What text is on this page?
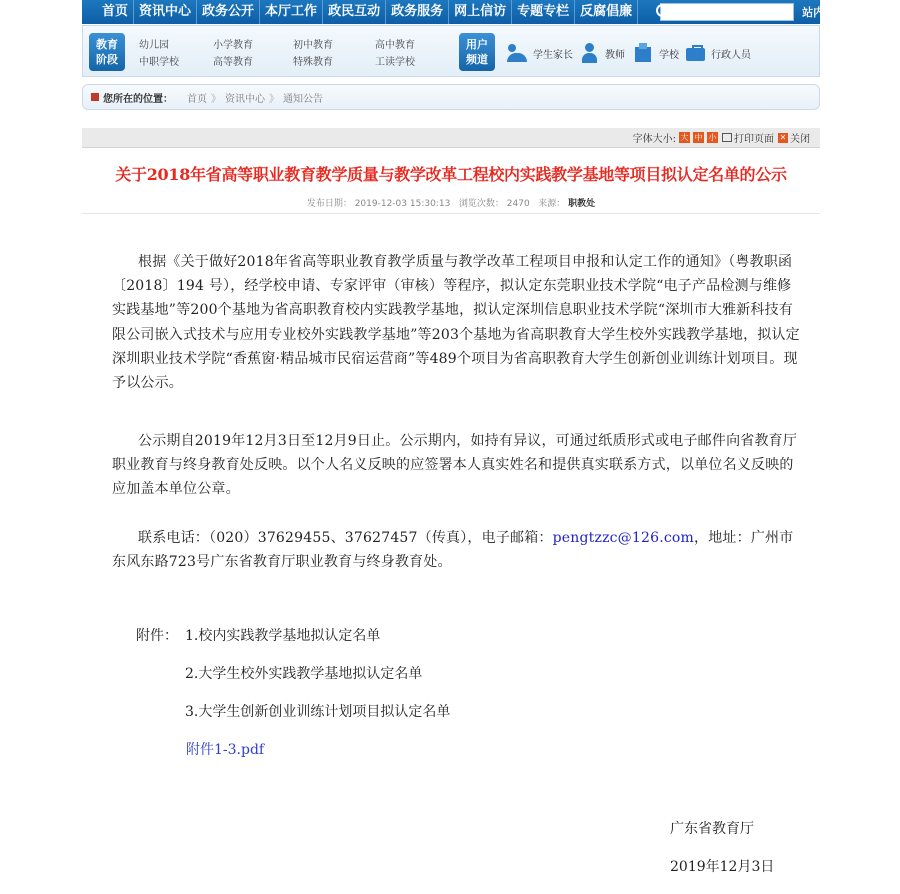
首页 资讯中心 政务公开 本厅工作 政民互动 政务服务 网上信访 专题专栏 反腐倡廉	站内搜索
教育
阶段
幼儿园	小学教育	初中教育	高中教育
中职学校	高等教育	特殊教育	工读学校
用户
频道	学生家长	教师	学校	行政人员
您所在的位置： 首页 》 资讯中心 》 通知公告
字体大小: 大 中 小 打印页面 ✕ 关闭
关于2018年省高等职业教育教学质量与教学改革工程校内实践教学基地等项目拟认定名单的公示
发布日期： 2019-12-03 15:30:13 浏览次数： 2470 来源： 职教处
根据《关于做好2018年省高等职业教育教学质量与教学改革工程项目申报和认定工作的通知》（粤教职函〔2018〕194 号），经学校申请、专家评审（审核）等程序，拟认定东莞职业技术学院“电子产品检测与维修实践基地”等200个基地为省高职教育校内实践教学基地，拟认定深圳信息职业技术学院“深圳市大雅新科技有限公司嵌入式技术与应用专业校外实践教学基地”等203个基地为省高职教育大学生校外实践教学基地，拟认定深圳职业技术学院“香蕉窗·精品城市民宿运营商”等489个项目为省高职教育大学生创新创业训练计划项目。现予以公示。
公示期自2019年12月3日至12月9日止。公示期内，如持有异议，可通过纸质形式或电子邮件向省教育厅职业教育与终身教育处反映。以个人名义反映的应签署本人真实姓名和提供真实联系方式，以单位名义反映的应加盖本单位公章。
联系电话：（020）37629455、37627457（传真），电子邮箱：pengtzzc@126.com，地址：广州市东风东路723号广东省教育厅职业教育与终身教育处。
附件： 1.校内实践教学基地拟认定名单
2.大学生校外实践教学基地拟认定名单
3.大学生创新创业训练计划项目拟认定名单
附件1-3.pdf
广东省教育厅
2019年12月3日
